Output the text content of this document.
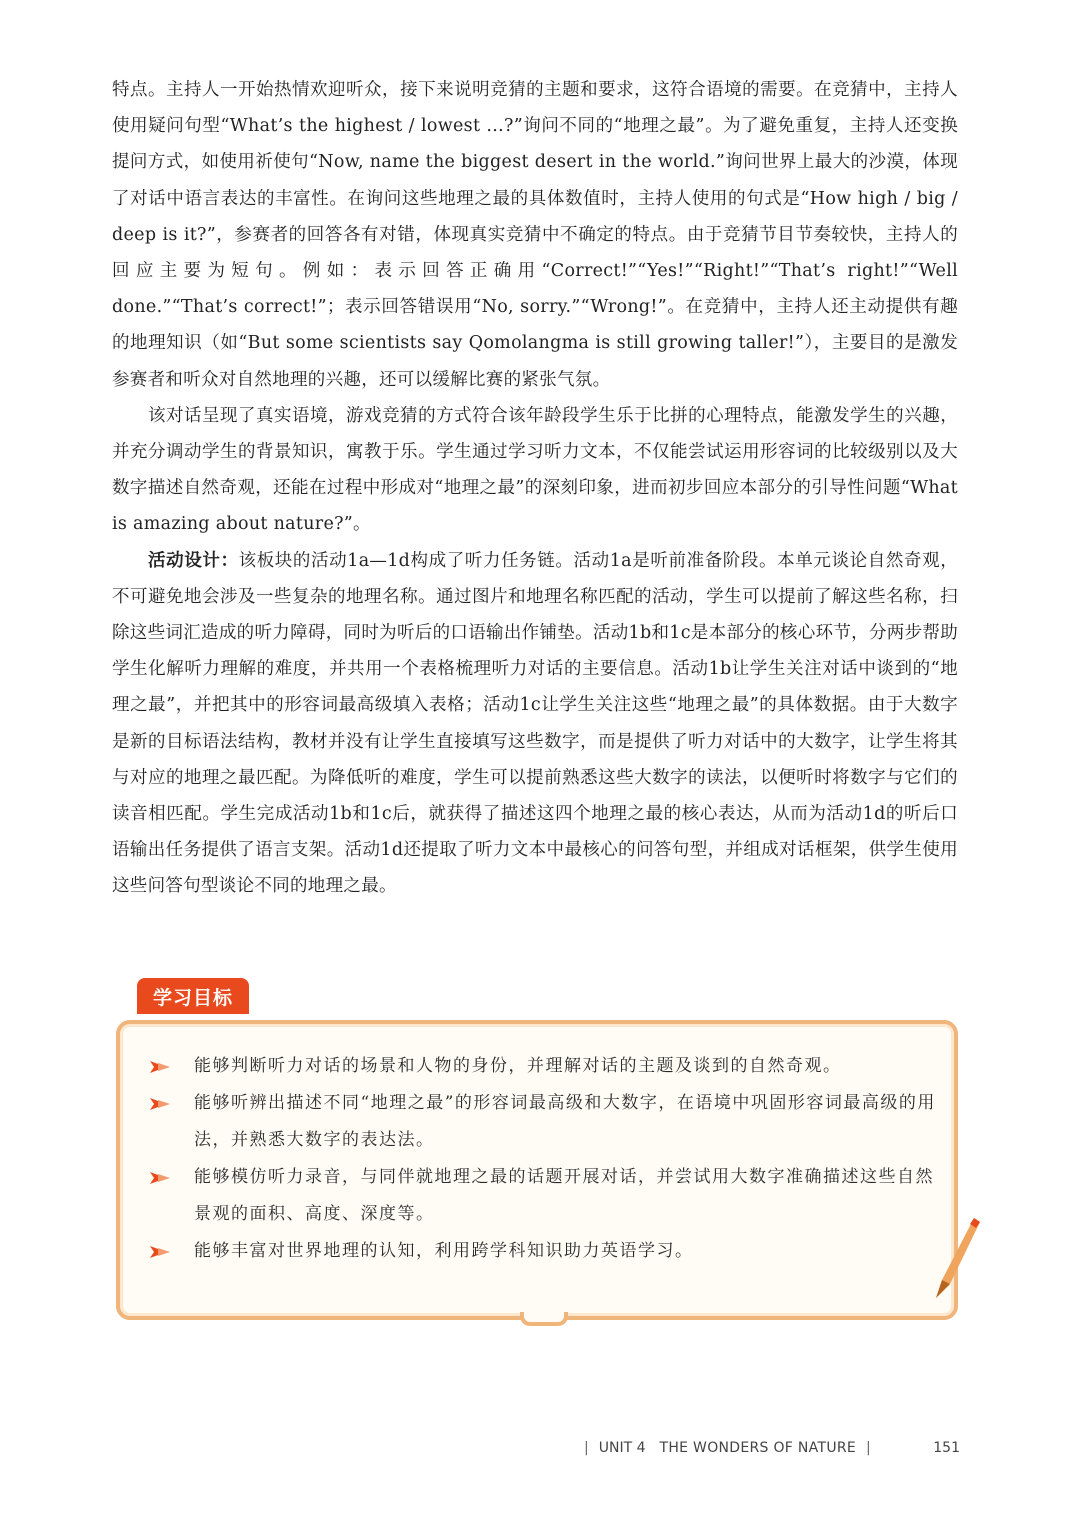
特点。主持人一开始热情欢迎听众，接下来说明竞猜的主题和要求，这符合语境的需要。在竞猜中，主持人使用疑问句型“What’s the highest / lowest ...?”询问不同的“地理之最”。为了避免重复，主持人还变换提问方式，如使用祈使句“Now, name the biggest desert in the world.”询问世界上最大的沙漠，体现了对话中语言表达的丰富性。在询问这些地理之最的具体数值时，主持人使用的句式是“How high / big / deep is it?”，参赛者的回答各有对错，体现真实竞猜中不确定的特点。由于竞猜节目节奏较快，主持人的回应主要为短句。例如：表示回答正确用“Correct!”“Yes!”“Right!”“That’s right!”“Well done.”“That’s correct!”；表示回答错误用“No, sorry.”“Wrong!”。在竞猜中，主持人还主动提供有趣的地理知识（如“But some scientists say Qomolangma is still growing taller!”），主要目的是激发参赛者和听众对自然地理的兴趣，还可以缓解比赛的紧张气氛。

该对话呈现了真实语境，游戏竞猜的方式符合该年龄段学生乐于比拼的心理特点，能激发学生的兴趣，并充分调动学生的背景知识，寓教于乐。学生通过学习听力文本，不仅能尝试运用形容词的比较级别以及大数字描述自然奇观，还能在过程中形成对“地理之最”的深刻印象，进而初步回应本部分的引导性问题“What is amazing about nature?”。

活动设计：该板块的活动1a—1d构成了听力任务链。活动1a是听前准备阶段。本单元谈论自然奇观，不可避免地会涉及一些复杂的地理名称。通过图片和地理名称匹配的活动，学生可以提前了解这些名称，扫除这些词汇造成的听力障碍，同时为听后的口语输出作铺垫。活动1b和1c是本部分的核心环节，分两步帮助学生化解听力理解的难度，并共用一个表格梳理听力对话的主要信息。活动1b让学生关注对话中谈到的“地理之最”，并把其中的形容词最高级填入表格；活动1c让学生关注这些“地理之最”的具体数据。由于大数字是新的目标语法结构，教材并没有让学生直接填写这些数字，而是提供了听力对话中的大数字，让学生将其与对应的地理之最匹配。为降低听的难度，学生可以提前熟悉这些大数字的读法，以便听时将数字与它们的读音相匹配。学生完成活动1b和1c后，就获得了描述这四个地理之最的核心表达，从而为活动1d的听后口语输出任务提供了语言支架。活动1d还提取了听力文本中最核心的问答句型，并组成对话框架，供学生使用这些问答句型谈论不同的地理之最。

学习目标
能够判断听力对话的场景和人物的身份，并理解对话的主题及谈到的自然奇观。
能够听辨出描述不同“地理之最”的形容词最高级和大数字，在语境中巩固形容词最高级的用法，并熟悉大数字的表达法。
能够模仿听力录音，与同伴就地理之最的话题开展对话，并尝试用大数字准确描述这些自然景观的面积、高度、深度等。
能够丰富对世界地理的认知，利用跨学科知识助力英语学习。
| UNIT 4 THE WONDERS OF NATURE |	151
